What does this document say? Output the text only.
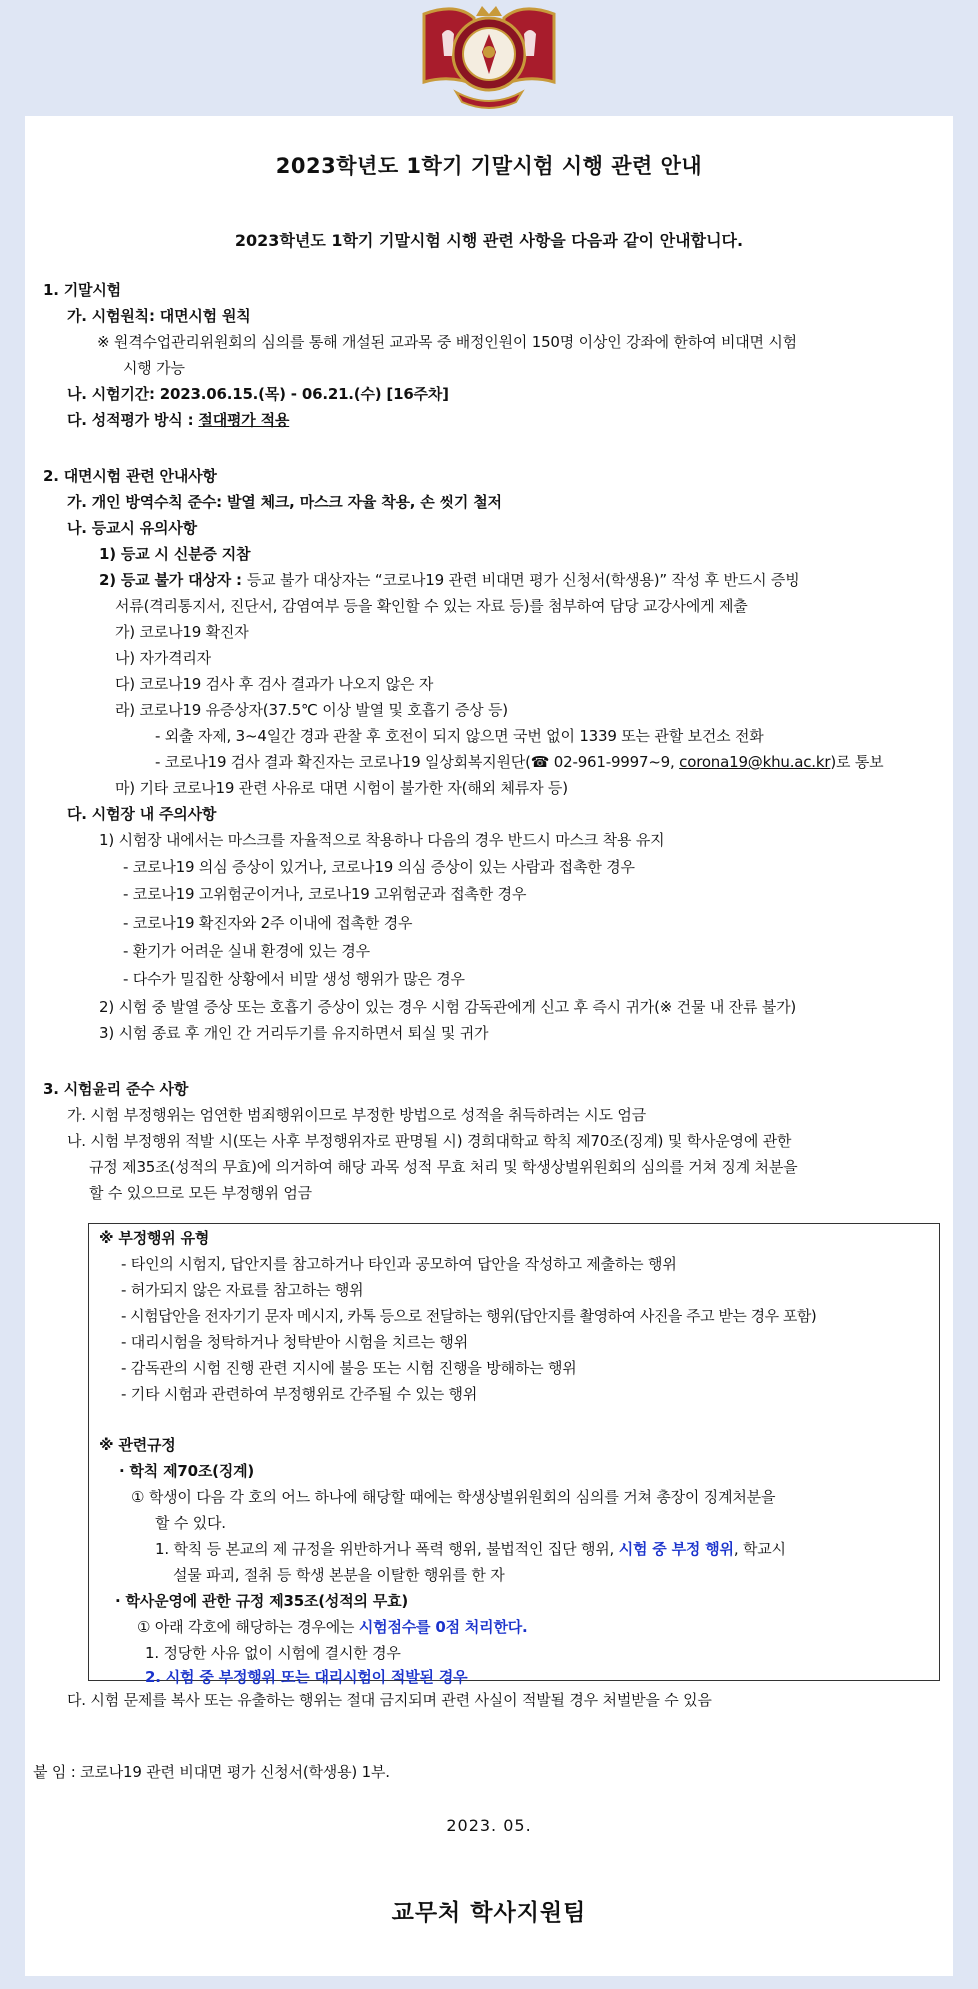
2023학년도 1학기 기말시험 시행 관련 안내
2023학년도 1학기 기말시험 시행 관련 사항을 다음과 같이 안내합니다.
1. 기말시험
가. 시험원칙: 대면시험 원칙
※ 원격수업관리위원회의 심의를 통해 개설된 교과목 중 배정인원이 150명 이상인 강좌에 한하여 비대면 시험
시행 가능
나. 시험기간: 2023.06.15.(목) - 06.21.(수) [16주차]
다. 성적평가 방식 : 절대평가 적용
2. 대면시험 관련 안내사항
가. 개인 방역수칙 준수: 발열 체크, 마스크 자율 착용, 손 씻기 철저
나. 등교시 유의사항
1) 등교 시 신분증 지참
2) 등교 불가 대상자 : 등교 불가 대상자는 “코로나19 관련 비대면 평가 신청서(학생용)” 작성 후 반드시 증빙
서류(격리통지서, 진단서, 감염여부 등을 확인할 수 있는 자료 등)를 첨부하여 담당 교강사에게 제출
가) 코로나19 확진자
나) 자가격리자
다) 코로나19 검사 후 검사 결과가 나오지 않은 자
라) 코로나19 유증상자(37.5℃ 이상 발열 및 호흡기 증상 등)
- 외출 자제, 3~4일간 경과 관찰 후 호전이 되지 않으면 국번 없이 1339 또는 관할 보건소 전화
- 코로나19 검사 결과 확진자는 코로나19 일상회복지원단(☎ 02-961-9997~9, corona19@khu.ac.kr)로 통보
마) 기타 코로나19 관련 사유로 대면 시험이 불가한 자(해외 체류자 등)
다. 시험장 내 주의사항
1) 시험장 내에서는 마스크를 자율적으로 착용하나 다음의 경우 반드시 마스크 착용 유지
- 코로나19 의심 증상이 있거나, 코로나19 의심 증상이 있는 사람과 접촉한 경우
- 코로나19 고위험군이거나, 코로나19 고위험군과 접촉한 경우
- 코로나19 확진자와 2주 이내에 접촉한 경우
- 환기가 어려운 실내 환경에 있는 경우
- 다수가 밀집한 상황에서 비말 생성 행위가 많은 경우
2) 시험 중 발열 증상 또는 호흡기 증상이 있는 경우 시험 감독관에게 신고 후 즉시 귀가(※ 건물 내 잔류 불가)
3) 시험 종료 후 개인 간 거리두기를 유지하면서 퇴실 및 귀가
3. 시험윤리 준수 사항
가. 시험 부정행위는 엄연한 범죄행위이므로 부정한 방법으로 성적을 취득하려는 시도 엄금
나. 시험 부정행위 적발 시(또는 사후 부정행위자로 판명될 시) 경희대학교 학칙 제70조(징계) 및 학사운영에 관한
규정 제35조(성적의 무효)에 의거하여 해당 과목 성적 무효 처리 및 학생상벌위원회의 심의를 거쳐 징계 처분을
할 수 있으므로 모든 부정행위 엄금
※ 부정행위 유형
- 타인의 시험지, 답안지를 참고하거나 타인과 공모하여 답안을 작성하고 제출하는 행위
- 허가되지 않은 자료를 참고하는 행위
- 시험답안을 전자기기 문자 메시지, 카톡 등으로 전달하는 행위(답안지를 촬영하여 사진을 주고 받는 경우 포함)
- 대리시험을 청탁하거나 청탁받아 시험을 치르는 행위
- 감독관의 시험 진행 관련 지시에 불응 또는 시험 진행을 방해하는 행위
- 기타 시험과 관련하여 부정행위로 간주될 수 있는 행위
※ 관련규정
· 학칙 제70조(징계)
① 학생이 다음 각 호의 어느 하나에 해당할 때에는 학생상벌위원회의 심의를 거쳐 총장이 징계처분을
할 수 있다.
1. 학칙 등 본교의 제 규정을 위반하거나 폭력 행위, 불법적인 집단 행위, 시험 중 부정 행위, 학교시
설물 파괴, 절취 등 학생 본분을 이탈한 행위를 한 자
· 학사운영에 관한 규정 제35조(성적의 무효)
① 아래 각호에 해당하는 경우에는 시험점수를 0점 처리한다.
1. 정당한 사유 없이 시험에 결시한 경우
2. 시험 중 부정행위 또는 대리시험이 적발된 경우
다. 시험 문제를 복사 또는 유출하는 행위는 절대 금지되며 관련 사실이 적발될 경우 처벌받을 수 있음
붙 임 : 코로나19 관련 비대면 평가 신청서(학생용) 1부.
2023. 05.
교무처 학사지원팀
